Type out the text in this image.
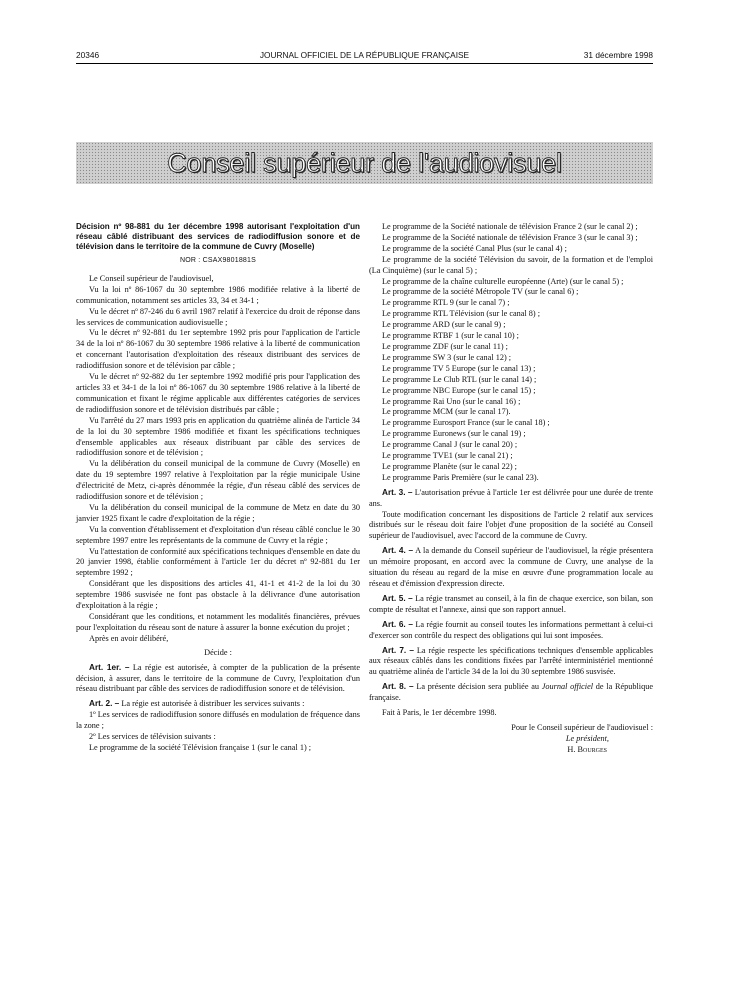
20346	JOURNAL OFFICIEL DE LA RÉPUBLIQUE FRANÇAISE	31 décembre 1998
Conseil supérieur de l'audiovisuel

Décision nº 98-881 du 1er décembre 1998 autorisant l'exploitation d'un réseau câblé distribuant des services de radiodiffusion sonore et de télévision dans le territoire de la commune de Cuvry (Moselle)

NOR : CSAX9801881S

Le Conseil supérieur de l'audiovisuel,

Vu la loi nº 86-1067 du 30 septembre 1986 modifiée relative à la liberté de communication, notamment ses articles 33, 34 et 34-1 ;

Vu le décret nº 87-246 du 6 avril 1987 relatif à l'exercice du droit de réponse dans les services de communication audiovisuelle ;

Vu le décret nº 92-881 du 1er septembre 1992 pris pour l'application de l'article 34 de la loi nº 86-1067 du 30 septembre 1986 relative à la liberté de communication et concernant l'autorisation d'exploitation des réseaux distribuant des services de radiodiffusion sonore et de télévision par câble ;

Vu le décret nº 92-882 du 1er septembre 1992 modifié pris pour l'application des articles 33 et 34-1 de la loi nº 86-1067 du 30 septembre 1986 relative à la liberté de communication et fixant le régime applicable aux différentes catégories de services de radiodiffusion sonore et de télévision distribués par câble ;

Vu l'arrêté du 27 mars 1993 pris en application du quatrième alinéa de l'article 34 de la loi du 30 septembre 1986 modifiée et fixant les spécifications techniques d'ensemble applicables aux réseaux distribuant par câble des services de radiodiffusion sonore et de télévision ;

Vu la délibération du conseil municipal de la commune de Cuvry (Moselle) en date du 19 septembre 1997 relative à l'exploitation par la régie municipale Usine d'électricité de Metz, ci-après dénommée la régie, d'un réseau câblé des services de radiodiffusion sonore et de télévision ;

Vu la délibération du conseil municipal de la commune de Metz en date du 30 janvier 1925 fixant le cadre d'exploitation de la régie ;

Vu la convention d'établissement et d'exploitation d'un réseau câblé conclue le 30 septembre 1997 entre les représentants de la commune de Cuvry et la régie ;

Vu l'attestation de conformité aux spécifications techniques d'ensemble en date du 20 janvier 1998, établie conformément à l'article 1er du décret nº 92-881 du 1er septembre 1992 ;

Considérant que les dispositions des articles 41, 41-1 et 41-2 de la loi du 30 septembre 1986 susvisée ne font pas obstacle à la délivrance d'une autorisation d'exploitation à la régie ;

Considérant que les conditions, et notamment les modalités financières, prévues pour l'exploitation du réseau sont de nature à assurer la bonne exécution du projet ;

Après en avoir délibéré,

Décide :

Art. 1er. – La régie est autorisée, à compter de la publication de la présente décision, à assurer, dans le territoire de la commune de Cuvry, l'exploitation d'un réseau distribuant par câble des services de radiodiffusion sonore et de télévision.

Art. 2. – La régie est autorisée à distribuer les services suivants :

1º Les services de radiodiffusion sonore diffusés en modulation de fréquence dans la zone ;

2º Les services de télévision suivants :

Le programme de la société Télévision française 1 (sur le canal 1) ;

Le programme de la Société nationale de télévision France 2 (sur le canal 2) ;

Le programme de la Société nationale de télévision France 3 (sur le canal 3) ;

Le programme de la société Canal Plus (sur le canal 4) ;

Le programme de la société Télévision du savoir, de la formation et de l'emploi (La Cinquième) (sur le canal 5) ;

Le programme de la chaîne culturelle européenne (Arte) (sur le canal 5) ;

Le programme de la société Métropole TV (sur le canal 6) ;

Le programme RTL 9 (sur le canal 7) ;

Le programme RTL Télévision (sur le canal 8) ;

Le programme ARD (sur le canal 9) ;

Le programme RTBF 1 (sur le canal 10) ;

Le programme ZDF (sur le canal 11) ;

Le programme SW 3 (sur le canal 12) ;

Le programme TV 5 Europe (sur le canal 13) ;

Le programme Le Club RTL (sur le canal 14) ;

Le programme NBC Europe (sur le canal 15) ;

Le programme Rai Uno (sur le canal 16) ;

Le programme MCM (sur le canal 17).

Le programme Eurosport France (sur le canal 18) ;

Le programme Euronews (sur le canal 19) ;

Le programme Canal J (sur le canal 20) ;

Le programme TVE1 (sur le canal 21) ;

Le programme Planète (sur le canal 22) ;

Le programme Paris Première (sur le canal 23).

Art. 3. – L'autorisation prévue à l'article 1er est délivrée pour une durée de trente ans.

Toute modification concernant les dispositions de l'article 2 relatif aux services distribués sur le réseau doit faire l'objet d'une proposition de la société au Conseil supérieur de l'audiovisuel, avec l'accord de la commune de Cuvry.

Art. 4. – A la demande du Conseil supérieur de l'audiovisuel, la régie présentera un mémoire proposant, en accord avec la commune de Cuvry, une analyse de la situation du réseau au regard de la mise en œuvre d'une programmation locale au réseau et d'émission d'expression directe.

Art. 5. – La régie transmet au conseil, à la fin de chaque exercice, son bilan, son compte de résultat et l'annexe, ainsi que son rapport annuel.

Art. 6. – La régie fournit au conseil toutes les informations permettant à celui-ci d'exercer son contrôle du respect des obligations qui lui sont imposées.

Art. 7. – La régie respecte les spécifications techniques d'ensemble applicables aux réseaux câblés dans les conditions fixées par l'arrêté interministériel mentionné au quatrième alinéa de l'article 34 de la loi du 30 septembre 1986 susvisée.

Art. 8. – La présente décision sera publiée au Journal officiel de la République française.

Fait à Paris, le 1er décembre 1998.

Pour le Conseil supérieur de l'audiovisuel :

Le président,

H. Bourges
